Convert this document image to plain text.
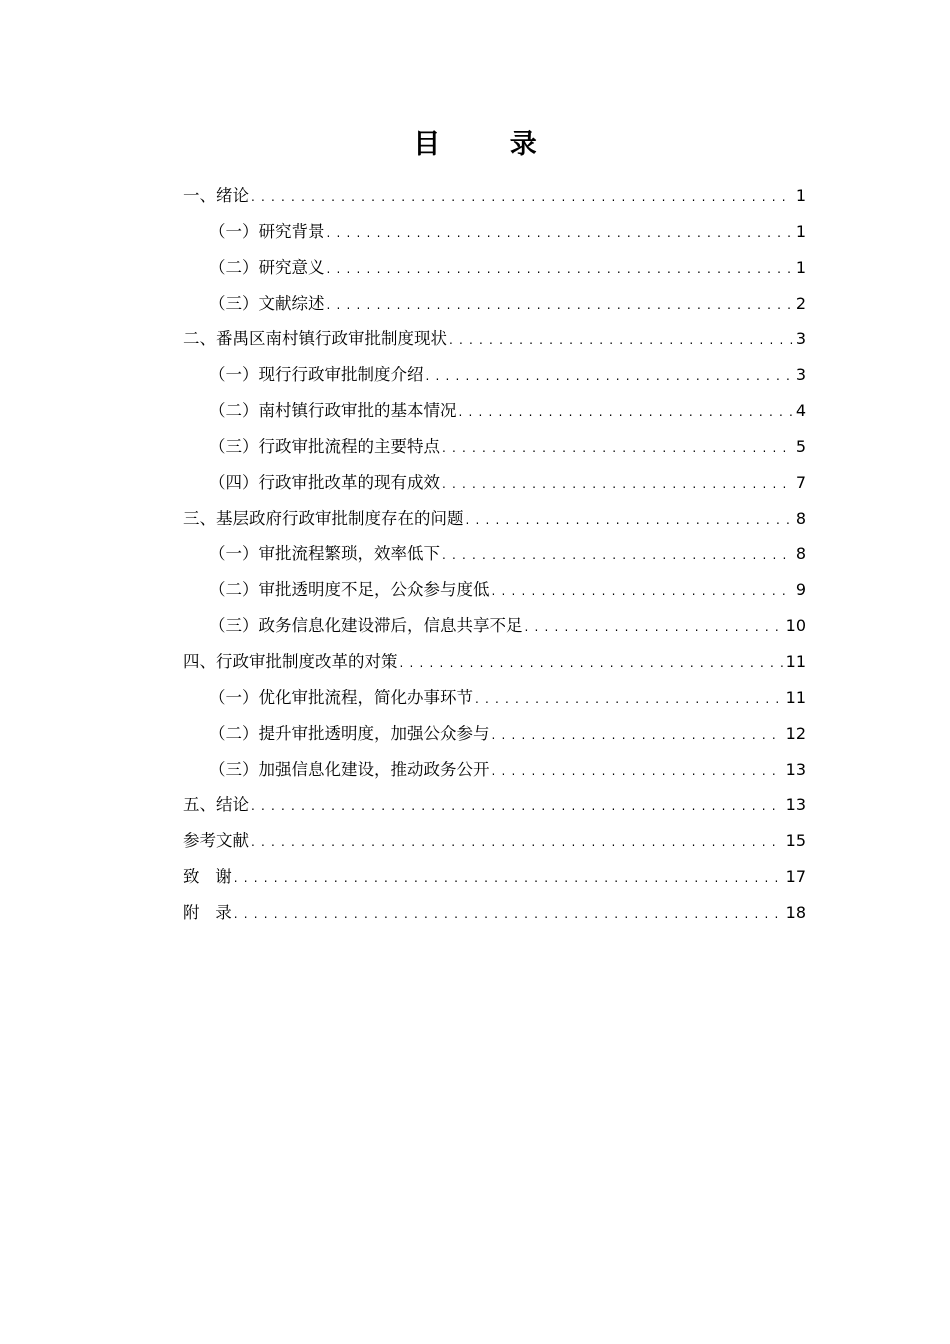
目 录
一、绪论 .....	1
（一）研究背景 .....	1
（二）研究意义 .....	1
（三）文献综述 .....	2
二、番禺区南村镇行政审批制度现状 .....	3
（一）现行行政审批制度介绍 .....	3
（二）南村镇行政审批的基本情况 .....	4
（三）行政审批流程的主要特点 .....	5
（四）行政审批改革的现有成效 .....	7
三、基层政府行政审批制度存在的问题 .....	8
（一）审批流程繁琐，效率低下 .....	8
（二）审批透明度不足，公众参与度低 .....	9
（三）政务信息化建设滞后，信息共享不足 .....	10
四、行政审批制度改革的对策 .....	11
（一）优化审批流程，简化办事环节 .....	11
（二）提升审批透明度，加强公众参与 .....	12
（三）加强信息化建设，推动政务公开 .....	13
五、结论 .....	13
参考文献 .....	15
致   谢 .....	17
附   录 .....	18
